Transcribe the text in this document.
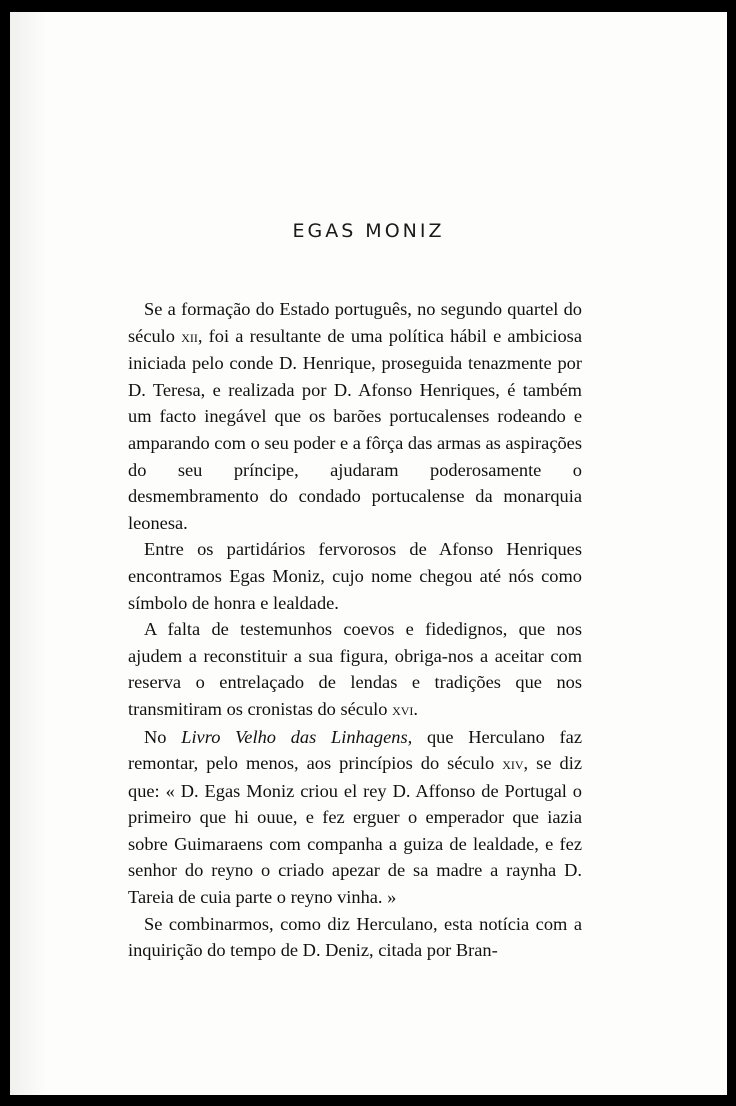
EGAS MONIZ

Se a formação do Estado português, no segundo quartel do século xii, foi a resultante de uma política hábil e ambiciosa iniciada pelo conde D. Henrique, proseguida tenazmente por D. Teresa, e realizada por D. Afonso Henriques, é também um facto inegável que os barões portucalenses rodeando e amparando com o seu poder e a fôrça das armas as aspirações do seu príncipe, ajudaram poderosamente o desmembramento do condado portucalense da monarquia leonesa.

Entre os partidários fervorosos de Afonso Henriques encontramos Egas Moniz, cujo nome chegou até nós como símbolo de honra e lealdade.

A falta de testemunhos coevos e fidedignos, que nos ajudem a reconstituir a sua figura, obriga-nos a aceitar com reserva o entrelaçado de lendas e tradições que nos transmitiram os cronistas do século xvi.

No Livro Velho das Linhagens, que Herculano faz remontar, pelo menos, aos princípios do século xiv, se diz que: « D. Egas Moniz criou el rey D. Affonso de Portugal o primeiro que hi ouue, e fez erguer o emperador que iazia sobre Guimaraens com companha a guiza de lealdade, e fez senhor do reyno o criado apezar de sa madre a raynha D. Tareia de cuia parte o reyno vinha. »

Se combinarmos, como diz Herculano, esta notícia com a inquirição do tempo de D. Deniz, citada por Bran-
